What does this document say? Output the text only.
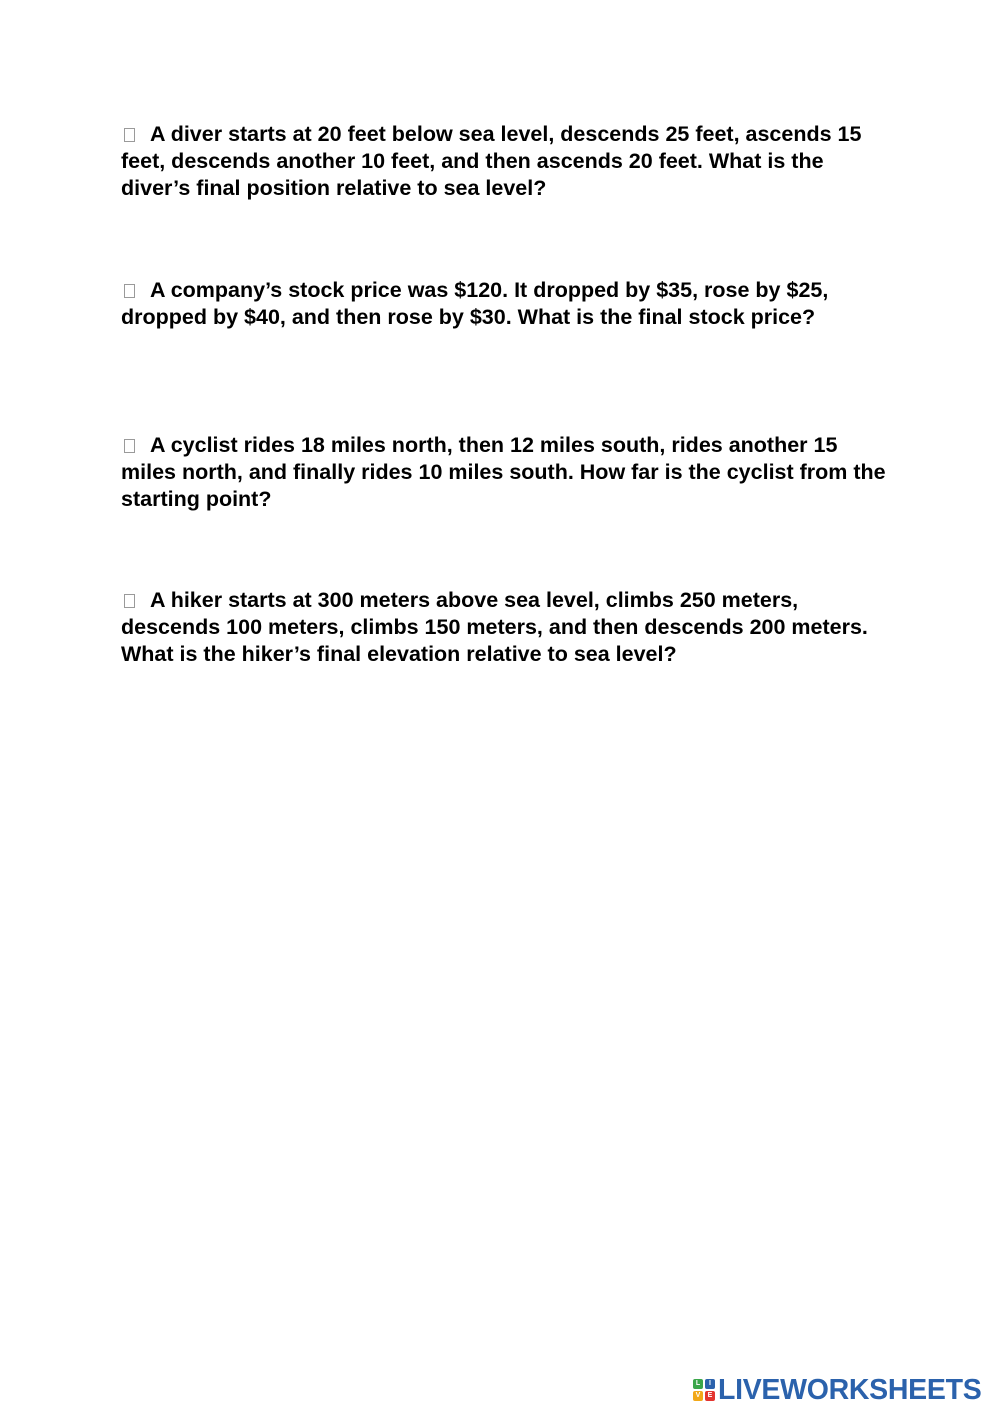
A diver starts at 20 feet below sea level, descends 25 feet, ascends 15 feet, descends another 10 feet, and then ascends 20 feet. What is the diver’s final position relative to sea level?

A company’s stock price was $120. It dropped by $35, rose by $25, dropped by $40, and then rose by $30. What is the final stock price?

A cyclist rides 18 miles north, then 12 miles south, rides another 15 miles north, and finally rides 10 miles south. How far is the cyclist from the starting point?

A hiker starts at 300 meters above sea level, climbs 250 meters, descends 100 meters, climbs 150 meters, and then descends 200 meters. What is the hiker’s final elevation relative to sea level?

L	I
V	E LIVEWORKSHEETS
